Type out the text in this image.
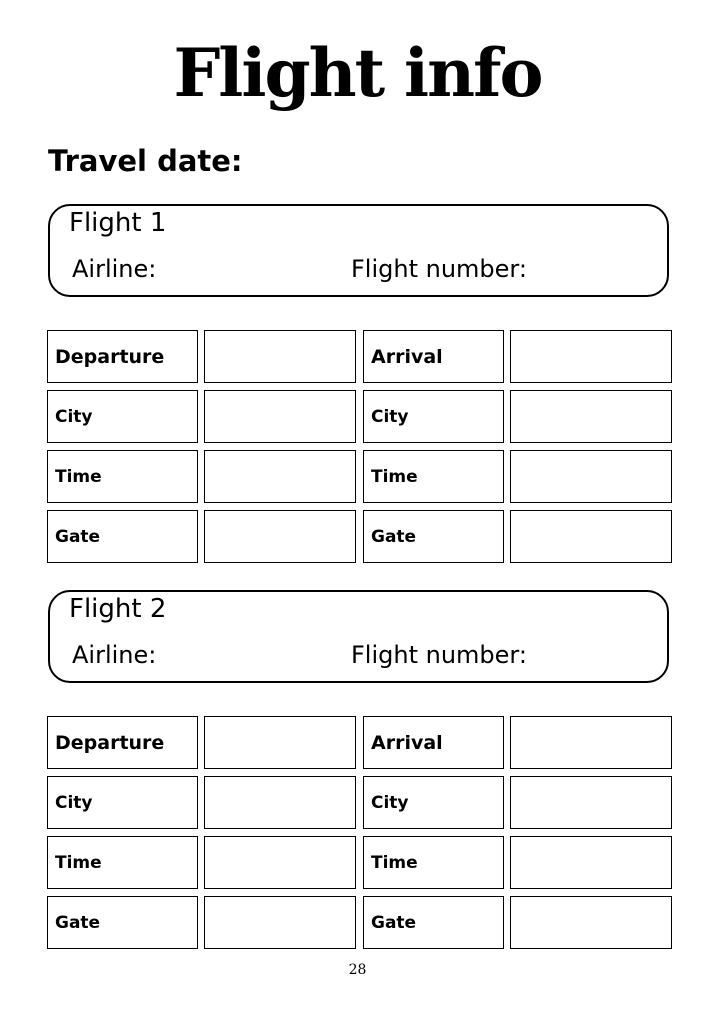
Flight info
Travel date:
Flight 1
Airline:	Flight number:
Departure	Arrival
City	City
Time	Time
Gate	Gate
Flight 2
Airline:	Flight number:
Departure	Arrival
City	City
Time	Time
Gate	Gate
28
